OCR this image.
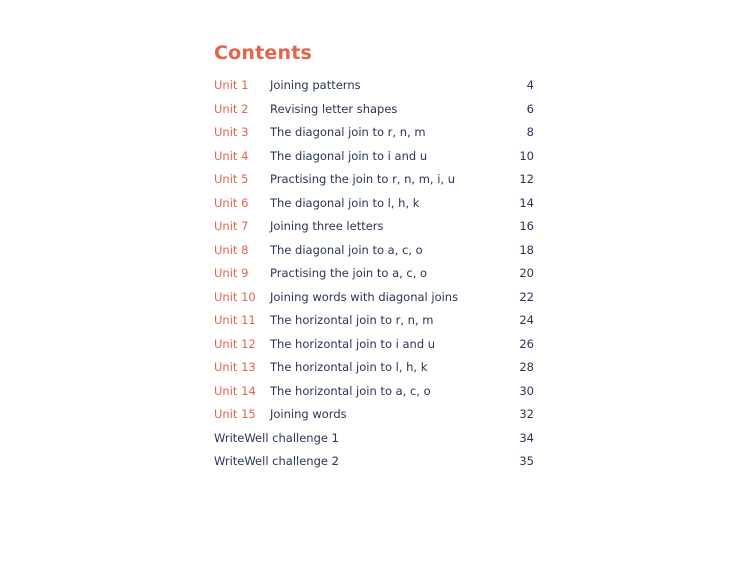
Contents
Unit 1 Joining patterns	4
Unit 2 Revising letter shapes	6
Unit 3 The diagonal join to r, n, m	8
Unit 4 The diagonal join to i and u	10
Unit 5 Practising the join to r, n, m, i, u	12
Unit 6 The diagonal join to l, h, k	14
Unit 7 Joining three letters	16
Unit 8 The diagonal join to a, c, o	18
Unit 9 Practising the join to a, c, o	20
Unit 10 Joining words with diagonal joins	22
Unit 11 The horizontal join to r, n, m	24
Unit 12 The horizontal join to i and u	26
Unit 13 The horizontal join to l, h, k	28
Unit 14 The horizontal join to a, c, o	30
Unit 15 Joining words	32
WriteWell challenge 1	34
WriteWell challenge 2	35
